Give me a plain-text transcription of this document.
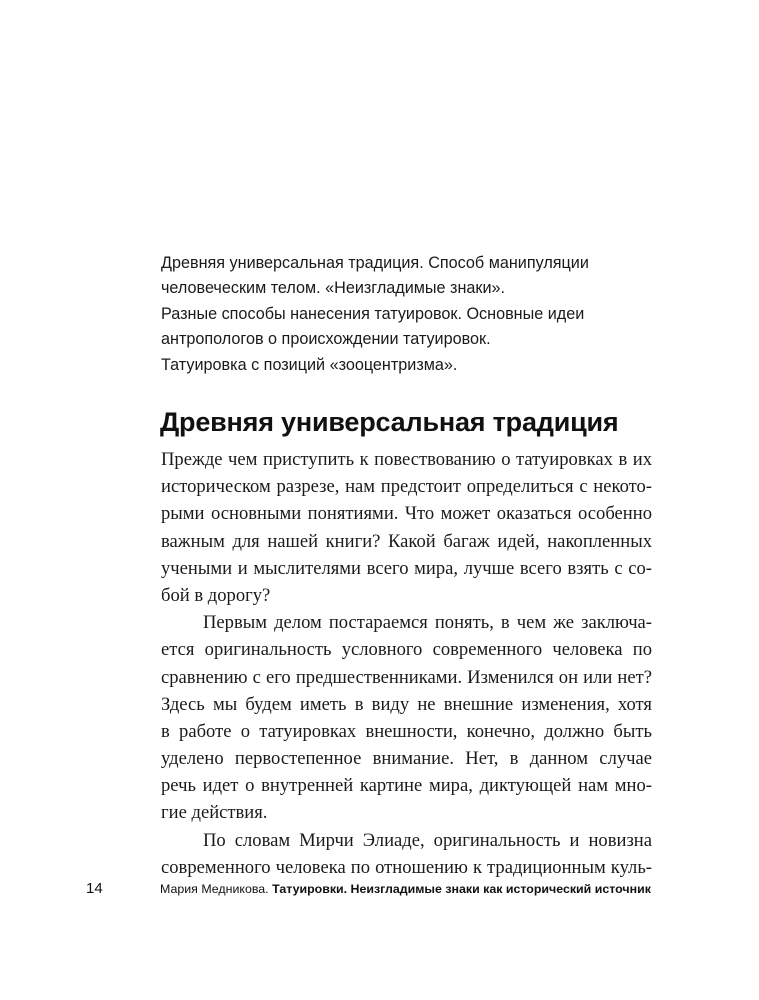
Древняя универсальная традиция. Способ манипуляции
человеческим телом. «Неизгладимые знаки».
Разные способы нанесения татуировок. Основные идеи
антропологов о происхождении татуировок.
Татуировка с позиций «зооцентризма».
Древняя универсальная традиция
Прежде чем приступить к повествованию о татуировках в их
историческом разрезе, нам предстоит определиться с некото-
рыми основными понятиями. Что может оказаться особенно
важным для нашей книги? Какой багаж идей, накопленных
учеными и мыслителями всего мира, лучше всего взять с со-
бой в дорогу?
Первым делом постараемся понять, в чем же заключа-
ется оригинальность условного современного человека по
сравнению с его предшественниками. Изменился он или нет?
Здесь мы будем иметь в виду не внешние изменения, хотя
в работе о татуировках внешности, конечно, должно быть
уделено первостепенное внимание. Нет, в данном случае
речь идет о внутренней картине мира, диктующей нам мно-
гие действия.
По словам Мирчи Элиаде, оригинальность и новизна
современного человека по отношению к традиционным куль-
14	Мария Медникова. Татуировки. Неизгладимые знаки как исторический источник
